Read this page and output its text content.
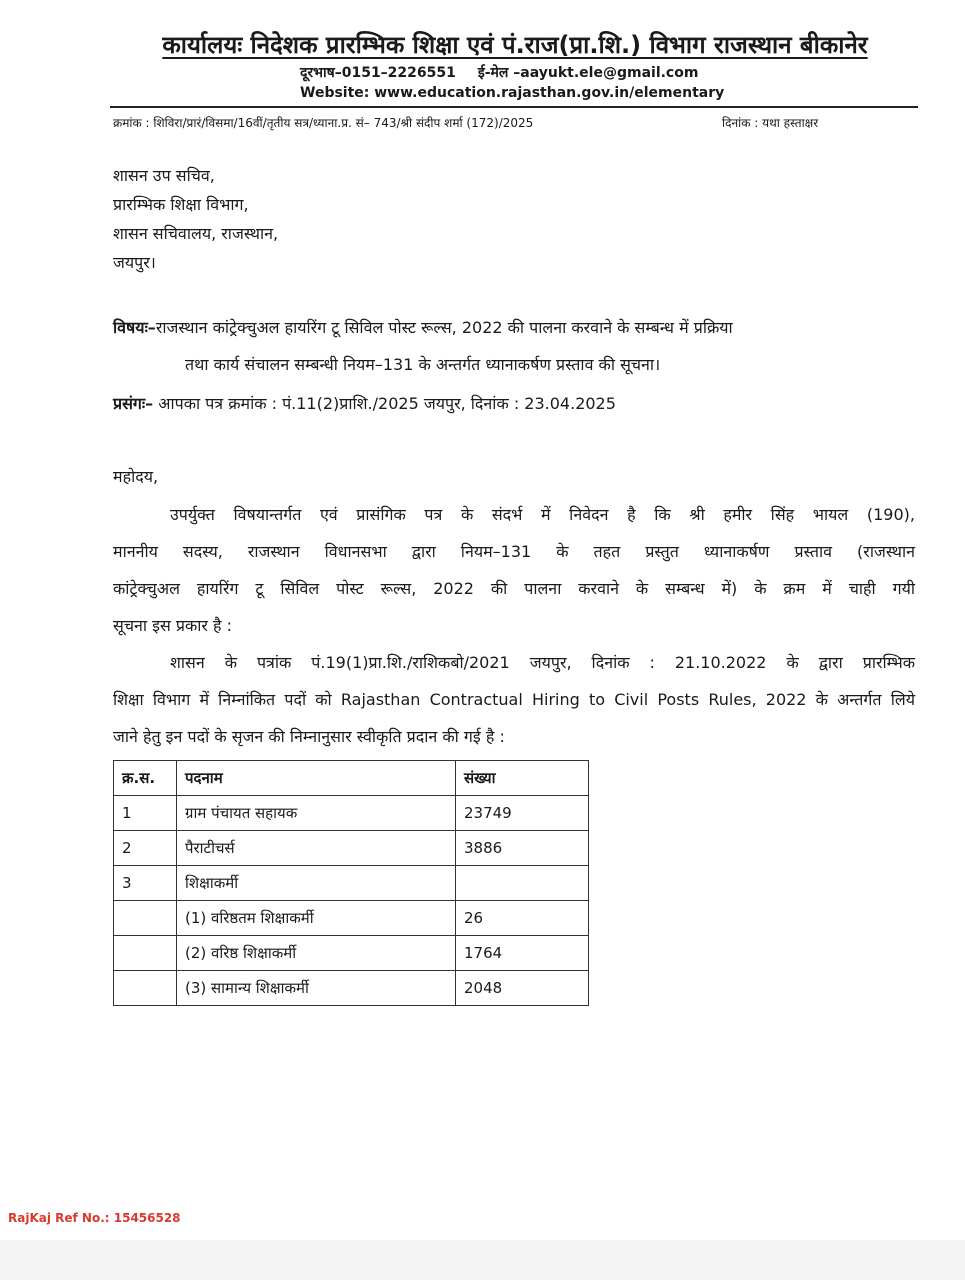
कार्यालयः निदेशक प्रारम्भिक शिक्षा एवं पं.राज(प्रा.शि.) विभाग राजस्थान बीकानेर
दूरभाष–0151–2226551 ई-मेल –aayukt.ele@gmail.com
Website: www.education.rajasthan.gov.in/elementary
क्रमांक : शिविरा/प्रारं/विसमा/16वीं/तृतीय सत्र/ध्याना.प्र. सं– 743/श्री संदीप शर्मा (172)/2025	दिनांक : यथा हस्ताक्षर
शासन उप सचिव,
प्रारम्भिक शिक्षा विभाग,
शासन सचिवालय, राजस्थान,
जयपुर।
विषयः–राजस्थान कांट्रेक्चुअल हायरिंग टू सिविल पोस्ट रूल्स, 2022 की पालना करवाने के सम्बन्ध में प्रक्रिया
तथा कार्य संचालन सम्बन्धी नियम–131 के अन्तर्गत ध्यानाकर्षण प्रस्ताव की सूचना।
प्रसंगः– आपका पत्र क्रमांक : पं.11(2)प्राशि./2025 जयपुर, दिनांक : 23.04.2025
महोदय,
उपर्युक्त विषयान्तर्गत एवं प्रासंगिक पत्र के संदर्भ में निवेदन है कि श्री हमीर सिंह भायल (190),
माननीय सदस्य, राजस्थान विधानसभा द्वारा नियम–131 के तहत प्रस्तुत ध्यानाकर्षण प्रस्ताव (राजस्थान
कांट्रेक्चुअल हायरिंग टू सिविल पोस्ट रूल्स, 2022 की पालना करवाने के सम्बन्ध में) के क्रम में चाही गयी
सूचना इस प्रकार है :
शासन के पत्रांक पं.19(1)प्रा.शि./राशिकबो/2021 जयपुर, दिनांक : 21.10.2022 के द्वारा प्रारम्भिक
शिक्षा विभाग में निम्नांकित पदों को Rajasthan Contractual Hiring to Civil Posts Rules, 2022 के अन्तर्गत लिये
जाने हेतु इन पदों के सृजन की निम्नानुसार स्वीकृति प्रदान की गई है :
क्र.स.	पदनाम	संख्या
1	ग्राम पंचायत सहायक	23749
2	पैराटीचर्स	3886
3	शिक्षाकर्मी	
	(1) वरिष्ठतम शिक्षाकर्मी	26
	(2) वरिष्ठ शिक्षाकर्मी	1764
	(3) सामान्य शिक्षाकर्मी	2048
RajKaj Ref No.: 15456528
